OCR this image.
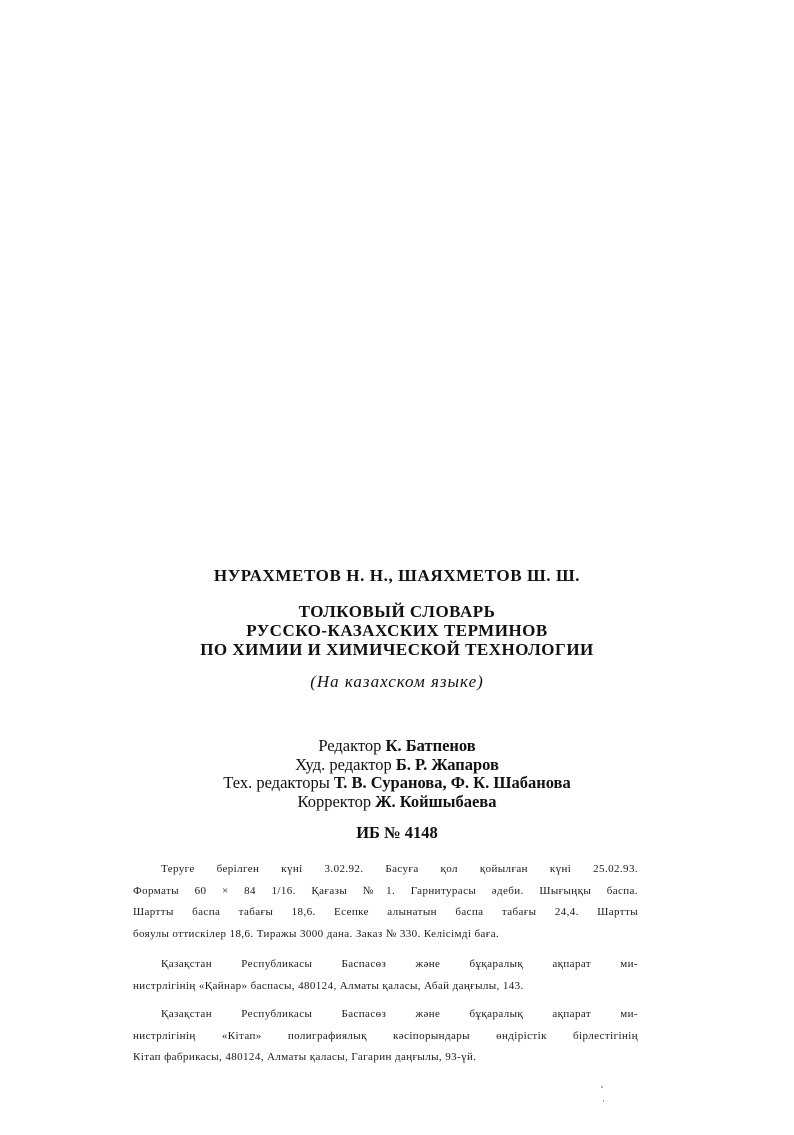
НУРАХМЕТОВ Н. Н., ШАЯХМЕТОВ Ш. Ш.
ТОЛКОВЫЙ СЛОВАРЬ
РУССКО-КАЗАХСКИХ ТЕРМИНОВ
ПО ХИМИИ И ХИМИЧЕСКОЙ ТЕХНОЛОГИИ
(На казахском языке)
Редактор К. Батпенов
Худ. редактор Б. Р. Жапаров
Тех. редакторы Т. В. Суранова, Ф. К. Шабанова
Корректор Ж. Койшыбаева
ИБ № 4148
Теруге берілген күні 3.02.92. Басуға қол қойылған күні 25.02.93.
Форматы 60 × 84 1/16. Қағазы №1. Гарнитурасы әдеби. Шығыңқы баспа.
Шартты баспа табағы 18,6. Есепке алынатын баспа табағы 24,4. Шартты
бояулы оттискілер 18,6. Тиражы 3000 дана. Заказ № 330. Келісімді баға.
Қазақстан Республикасы Баспасөз және бұқаралық ақпарат ми-
нистрлігінің «Қайнар» баспасы, 480124, Алматы қаласы, Абай даңғылы, 143.
Қазақстан Республикасы Баспасөз және бұқаралық ақпарат ми-
нистрлігінің «Кітап» полиграфиялық кәсіпорындары өндірістік бірлестігінің
Кітап фабрикасы, 480124, Алматы қаласы, Гагарин даңғылы, 93-үй.
